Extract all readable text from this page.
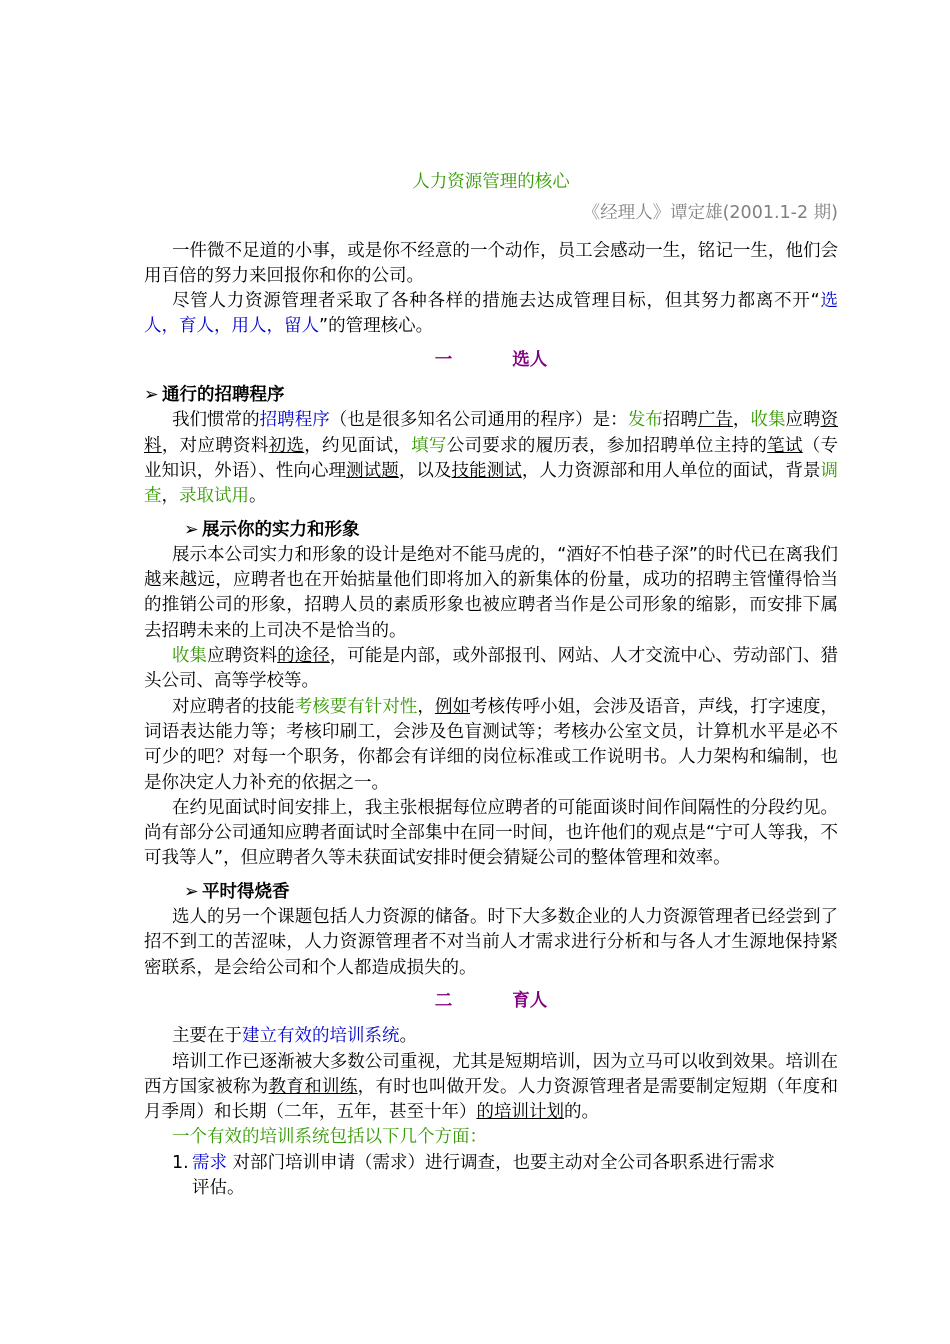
人力资源管理的核心

《经理人》谭定雄(2001.1-2 期)

一件微不足道的小事，或是你不经意的一个动作，员工会感动一生，铭记一生，他们会用百倍的努力来回报你和你的公司。

尽管人力资源管理者采取了各种各样的措施去达成管理目标，但其努力都离不开“选人，育人，用人，留人”的管理核心。

一	选人

➢ 通行的招聘程序

我们惯常的招聘程序（也是很多知名公司通用的程序）是：发布招聘广告，收集应聘资料，对应聘资料初选，约见面试，填写公司要求的履历表，参加招聘单位主持的笔试（专业知识，外语）、性向心理测试题，以及技能测试，人力资源部和用人单位的面试，背景调查，录取试用。

➢ 展示你的实力和形象

展示本公司实力和形象的设计是绝对不能马虎的，“酒好不怕巷子深”的时代已在离我们越来越远，应聘者也在开始掂量他们即将加入的新集体的份量，成功的招聘主管懂得恰当的推销公司的形象，招聘人员的素质形象也被应聘者当作是公司形象的缩影，而安排下属去招聘未来的上司决不是恰当的。

收集应聘资料的途径，可能是内部，或外部报刊、网站、人才交流中心、劳动部门、猎头公司、高等学校等。

对应聘者的技能考核要有针对性，例如考核传呼小姐，会涉及语音，声线，打字速度，词语表达能力等；考核印刷工，会涉及色盲测试等；考核办公室文员，计算机水平是必不可少的吧？对每一个职务，你都会有详细的岗位标准或工作说明书。人力架构和编制，也是你决定人力补充的依据之一。

在约见面试时间安排上，我主张根据每位应聘者的可能面谈时间作间隔性的分段约见。尚有部分公司通知应聘者面试时全部集中在同一时间，也许他们的观点是“宁可人等我，不可我等人”，但应聘者久等未获面试安排时便会猜疑公司的整体管理和效率。

➢ 平时得烧香

选人的另一个课题包括人力资源的储备。时下大多数企业的人力资源管理者已经尝到了招不到工的苦涩味，人力资源管理者不对当前人才需求进行分析和与各人才生源地保持紧密联系，是会给公司和个人都造成损失的。

二	育人

主要在于建立有效的培训系统。

培训工作已逐渐被大多数公司重视，尤其是短期培训，因为立马可以收到效果。培训在西方国家被称为教育和训练，有时也叫做开发。人力资源管理者是需要制定短期（年度和月季周）和长期（二年，五年，甚至十年）的培训计划的。

一个有效的培训系统包括以下几个方面：

1. 需求 对部门培训申请（需求）进行调查，也要主动对全公司各职系进行需求
评估。
